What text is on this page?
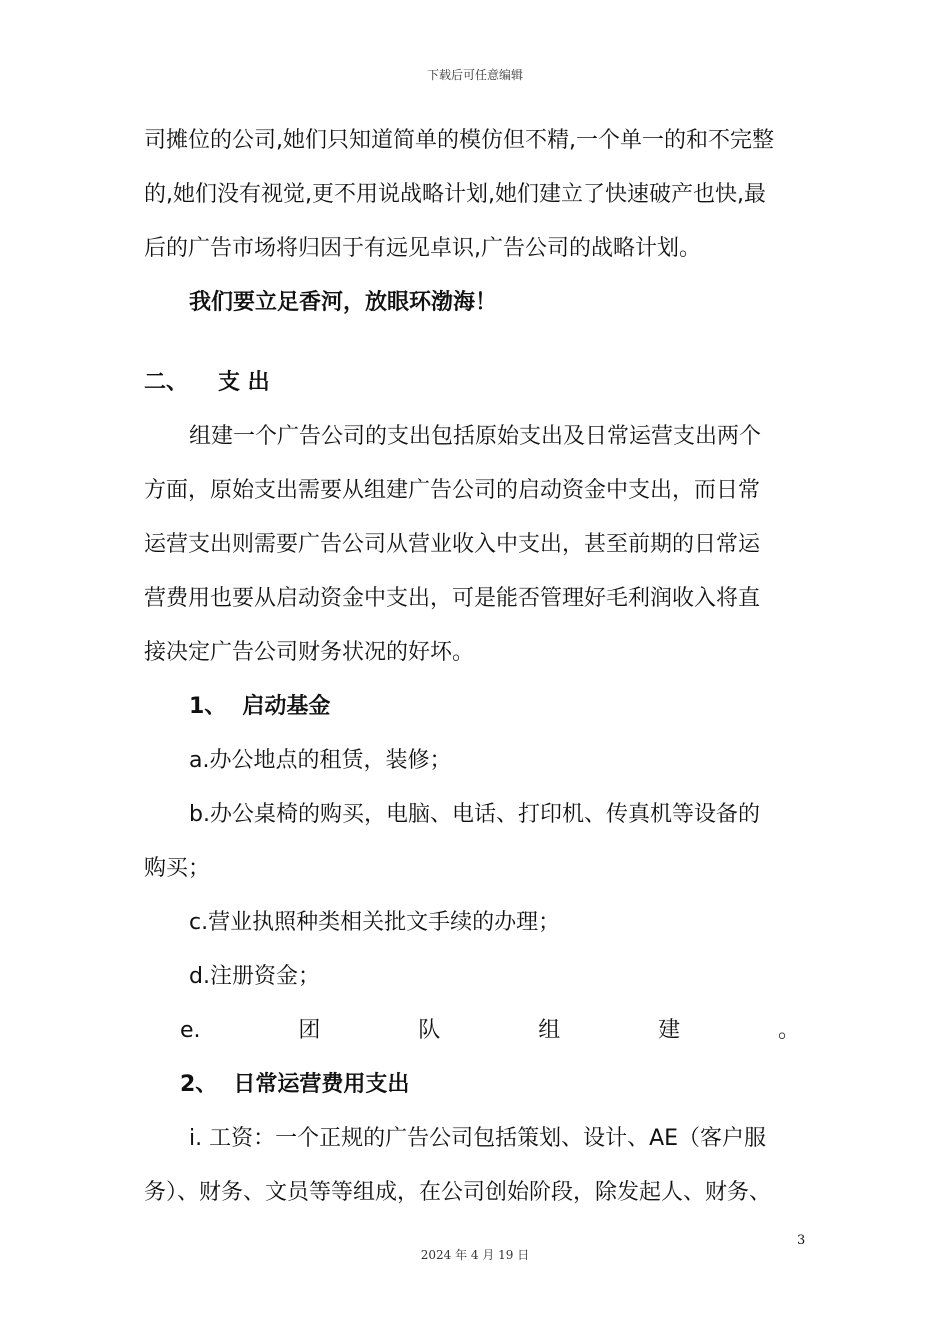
下载后可任意编辑
司摊位的公司,她们只知道简单的模仿但不精,一个单一的和不完整
的,她们没有视觉,更不用说战略计划,她们建立了快速破产也快,最
后的广告市场将归因于有远见卓识,广告公司的战略计划。
我们要立足香河，放眼环渤海！
二、 支 出
组建一个广告公司的支出包括原始支出及日常运营支出两个
方面，原始支出需要从组建广告公司的启动资金中支出，而日常
运营支出则需要广告公司从营业收入中支出，甚至前期的日常运
营费用也要从启动资金中支出，可是能否管理好毛利润收入将直
接决定广告公司财务状况的好坏。
1、 启动基金
a.办公地点的租赁，装修；
b.办公桌椅的购买，电脑、电话、打印机、传真机等设备的
购买；
c.营业执照种类相关批文手续的办理；
d.注册资金；
e.	团	队	组	建	。
2、 日常运营费用支出
i. 工资：一个正规的广告公司包括策划、设计、AE（客户服
务）、财务、文员等等组成，在公司创始阶段，除发起人、财务、
3
2024 年 4 月 19 日
